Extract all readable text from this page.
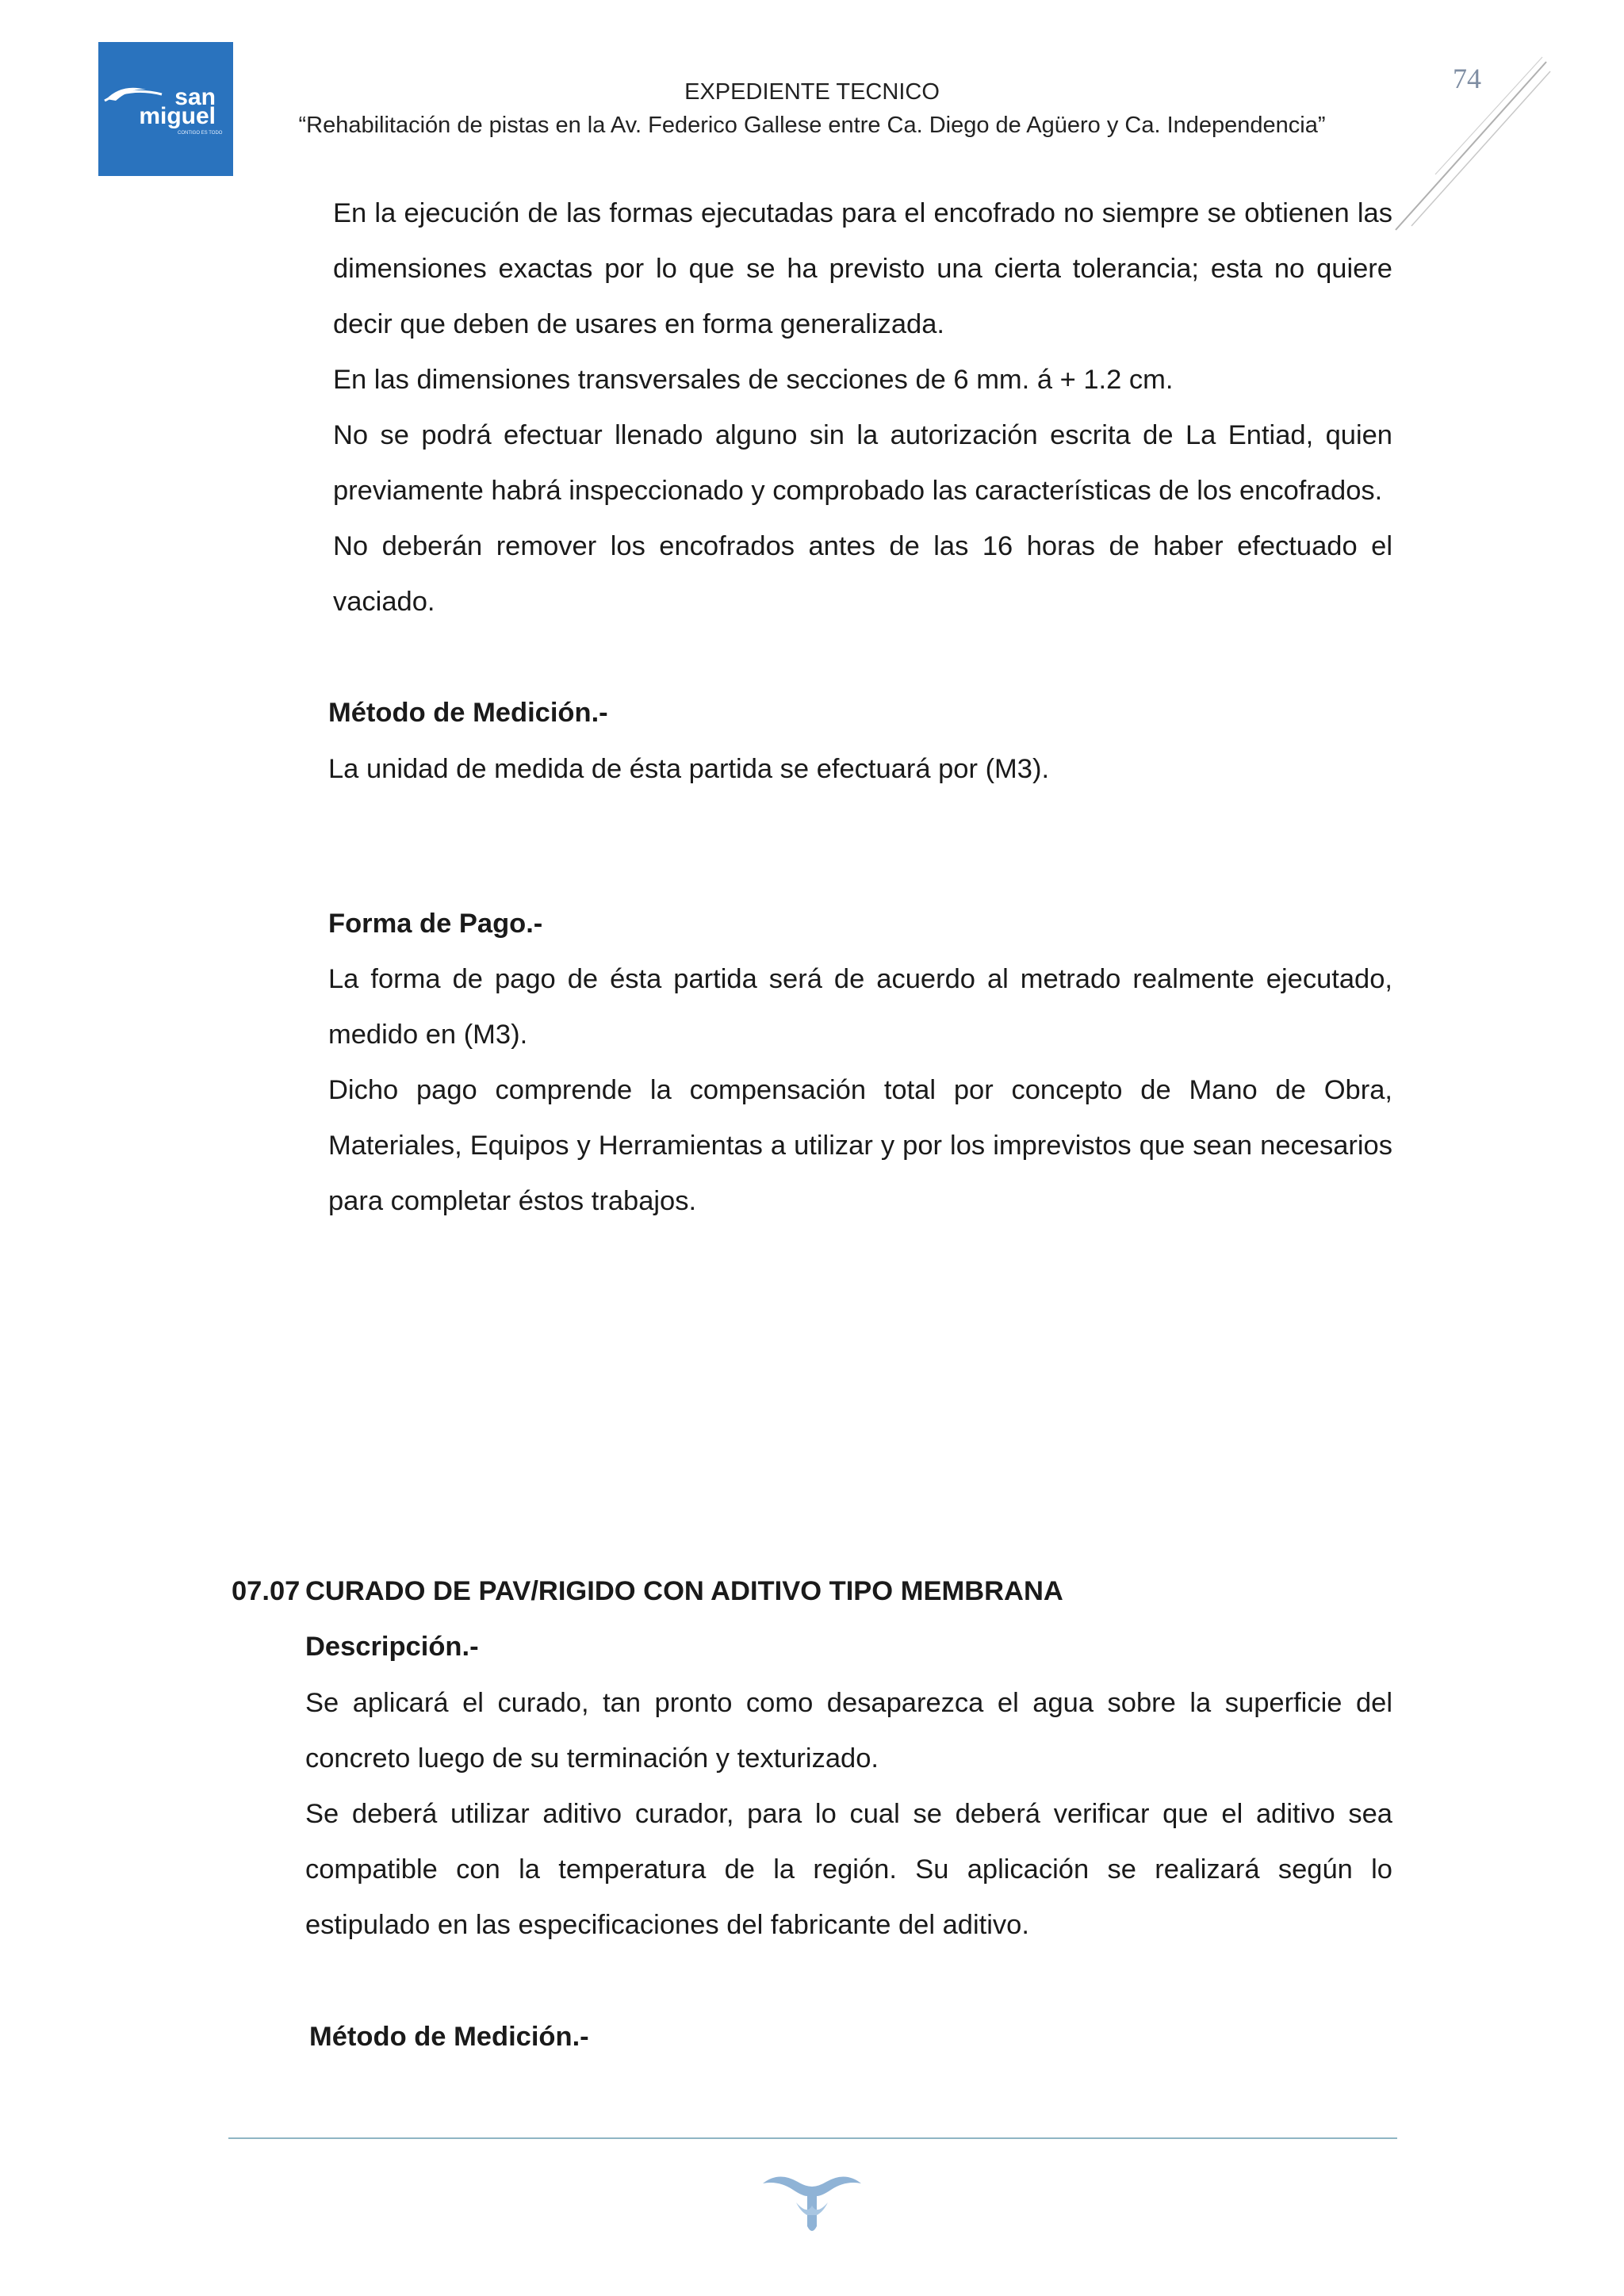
san
miguel
CONTIGO ES TODO
EXPEDIENTE TECNICO
“Rehabilitación de pistas en la Av. Federico Gallese entre Ca. Diego de Agüero y Ca. Independencia”
74
En la ejecución de las formas ejecutadas para el encofrado no siempre se obtienen las
dimensiones exactas por lo que se ha previsto una cierta tolerancia; esta no quiere
decir que deben de usares en forma generalizada.
En las dimensiones transversales de secciones de 6 mm. á + 1.2 cm.
No se podrá efectuar llenado alguno sin la autorización escrita de La Entiad, quien
previamente habrá inspeccionado y comprobado las características de los encofrados.
No deberán remover los encofrados antes de las 16 horas de haber efectuado el
vaciado.
Método de Medición.-
La unidad de medida de ésta partida se efectuará por (M3).
Forma de Pago.-
La forma de pago de ésta partida será de acuerdo al metrado realmente ejecutado,
medido en (M3).
Dicho pago comprende la compensación total por concepto de Mano de Obra,
Materiales, Equipos y Herramientas a utilizar y por los imprevistos que sean necesarios
para completar éstos trabajos.
07.07 CURADO DE PAV/RIGIDO CON ADITIVO TIPO MEMBRANA
Descripción.-
Se aplicará el curado, tan pronto como desaparezca el agua sobre la superficie del
concreto luego de su terminación y texturizado.
Se deberá utilizar aditivo curador, para lo cual se deberá verificar que el aditivo sea
compatible con la temperatura de la región. Su aplicación se realizará según lo
estipulado en las especificaciones del fabricante del aditivo.
Método de Medición.-
